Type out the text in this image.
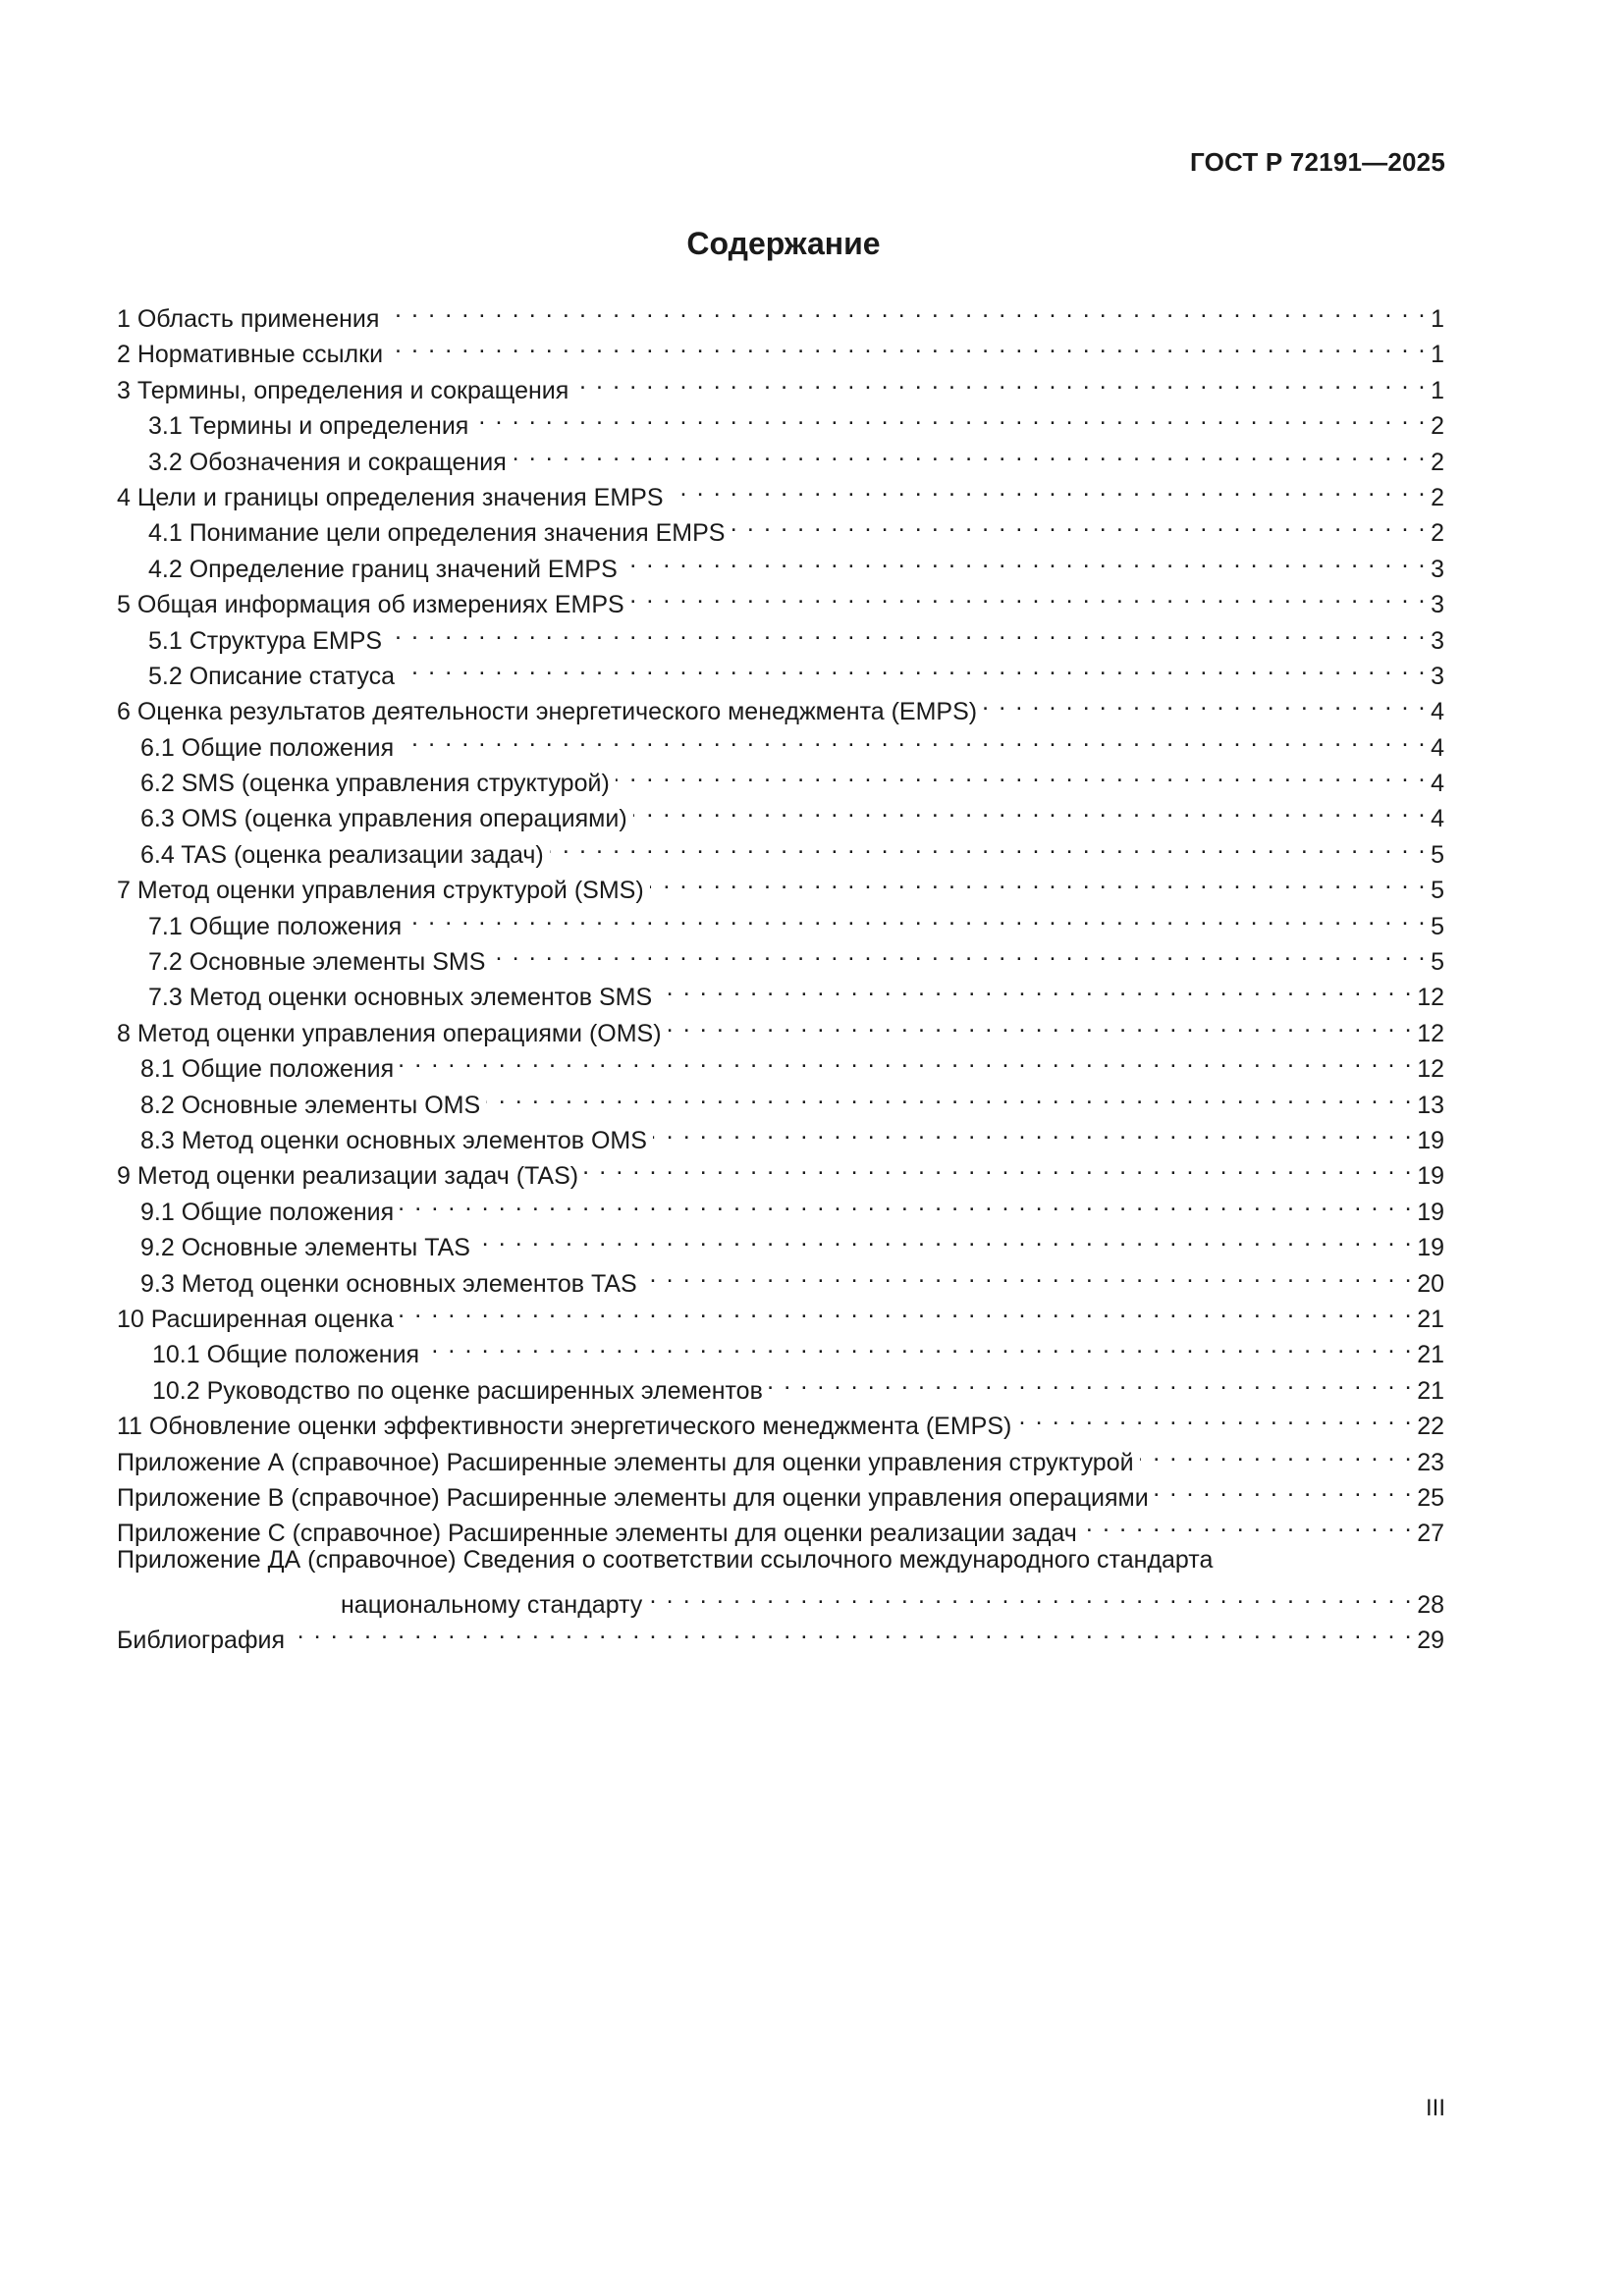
ГОСТ Р 72191—2025
Содержание
1 Область применения . . .	1
2 Нормативные ссылки . . .	1
3 Термины, определения и сокращения . . .	1
3.1 Термины и определения . . .	2
3.2 Обозначения и сокращения . . .	2
4 Цели и границы определения значения EMPS . . .	2
4.1 Понимание цели определения значения EMPS . . .	2
4.2 Определение границ значений EMPS . . .	3
5 Общая информация об измерениях EMPS . . .	3
5.1 Структура EMPS . . .	3
5.2 Описание статуса . . .	3
6 Оценка результатов деятельности энергетического менеджмента (EMPS) . . .	4
6.1 Общие положения . . .	4
6.2 SMS (оценка управления структурой) . . .	4
6.3 OMS (оценка управления операциями) . . .	4
6.4 TAS (оценка реализации задач) . . .	5
7 Метод оценки управления структурой (SMS) . . .	5
7.1 Общие положения . . .	5
7.2 Основные элементы SMS . . .	5
7.3 Метод оценки основных элементов SMS . . .	12
8 Метод оценки управления операциями (OMS) . . .	12
8.1 Общие положения . . .	12
8.2 Основные элементы OMS . . .	13
8.3 Метод оценки основных элементов OMS . . .	19
9 Метод оценки реализации задач (TAS) . . .	19
9.1 Общие положения . . .	19
9.2 Основные элементы TAS . . .	19
9.3 Метод оценки основных элементов TAS . . .	20
10 Расширенная оценка . . .	21
10.1 Общие положения . . .	21
10.2 Руководство по оценке расширенных элементов . . .	21
11 Обновление оценки эффективности энергетического менеджмента (EMPS) . . .	22
Приложение А (справочное) Расширенные элементы для оценки управления структурой . . .	23
Приложение В (справочное) Расширенные элементы для оценки управления операциями . . .	25
Приложение С (справочное) Расширенные элементы для оценки реализации задач . . .	27
Приложение ДА (справочное) Сведения о соответствии ссылочного международного стандарта
национальному стандарту . . .	28
Библиография . . .	29
III
